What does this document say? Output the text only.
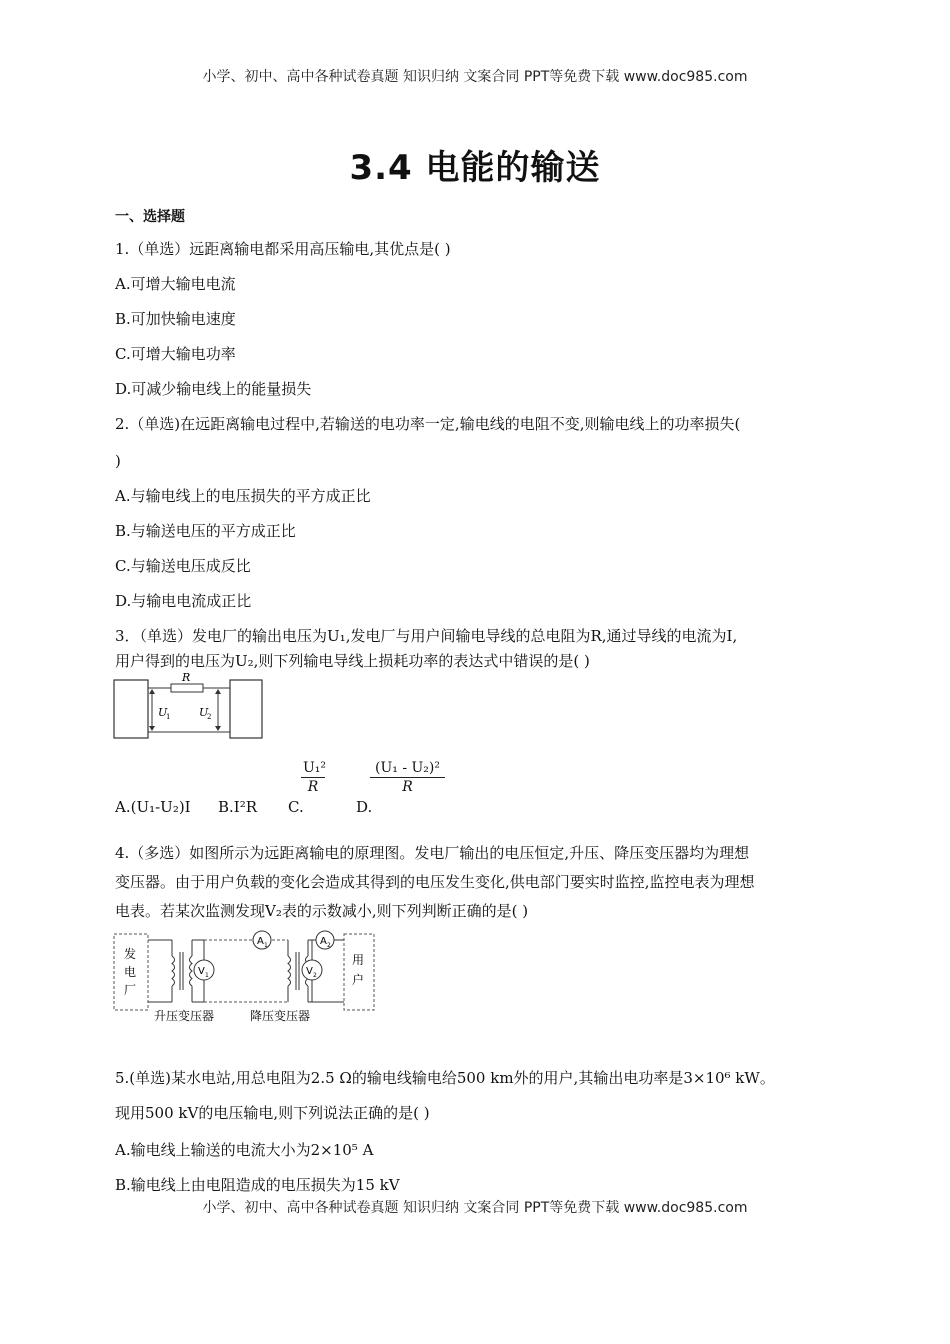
小学、初中、高中各种试卷真题 知识归纳 文案合同 PPT等免费下载 www.doc985.com
3.4 电能的输送
一、选择题
1.（单选）远距离输电都采用高压输电,其优点是( )
A.可增大输电电流
B.可加快输电速度
C.可增大输电功率
D.可减少输电线上的能量损失
2.（单选)在远距离输电过程中,若输送的电功率一定,输电线的电阻不变,则输电线上的功率损失(
)
A.与输电线上的电压损失的平方成正比
B.与输送电压的平方成正比
C.与输送电压成反比
D.与输电电流成正比
3．（单选）发电厂的输出电压为U₁,发电厂与用户间输电导线的总电阻为R,通过导线的电流为I,
用户得到的电压为U₂,则下列输电导线上损耗功率的表达式中错误的是( )
R
U
1	U
2
A.(U₁-U₂)I B.I²R C.
U₁²
R
D.
(U₁ - U₂)²
R
4.（多选）如图所示为远距离输电的原理图。发电厂输出的电压恒定,升压、降压变压器均为理想
变压器。由于用户负载的变化会造成其得到的电压发生变化,供电部门要实时监控,监控电表为理想
电表。若某次监测发现V₂表的示数减小,则下列判断正确的是( )
发
电
厂
V 1
A 1	A 2
V 2
用
户
升压变压器	降压变压器
5.(单选)某水电站,用总电阻为2.5 Ω的输电线输电给500 km外的用户,其输出电功率是3×10⁶ kW。
现用500 kV的电压输电,则下列说法正确的是( )
A.输电线上输送的电流大小为2×10⁵ A
B.输电线上由电阻造成的电压损失为15 kV
小学、初中、高中各种试卷真题 知识归纳 文案合同 PPT等免费下载 www.doc985.com
